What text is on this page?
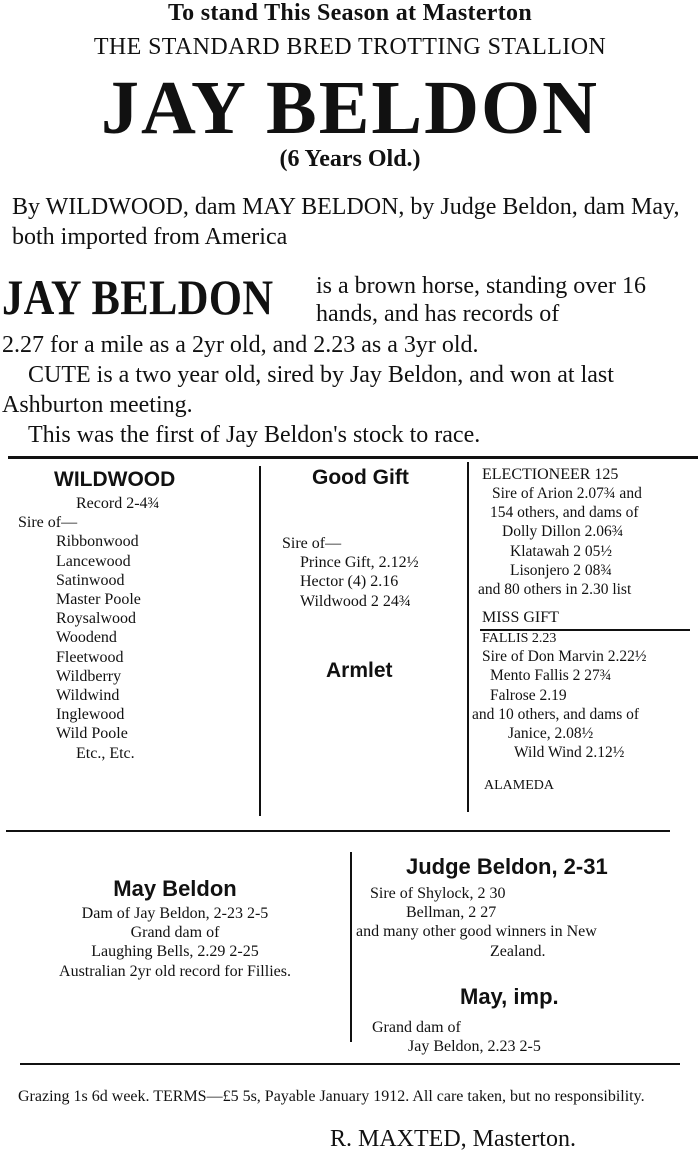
To stand This Season at Masterton
THE STANDARD BRED TROTTING STALLION
JAY BELDON
(6 Years Old.)
By WILDWOOD, dam MAY BELDON, by Judge Beldon, dam May, both imported from America
JAY BELDON is a brown horse, standing over 16 hands, and has records of
2.27 for a mile as a 2yr old, and 2.23 as a 3yr old.
CUTE is a two year old, sired by Jay Beldon, and won at last Ashburton meeting.
This was the first of Jay Beldon's stock to race.
WILDWOOD
Record 2-4¾
Sire of—
Ribbonwood
Lancewood
Satinwood
Master Poole
Roysalwood
Woodend
Fleetwood
Wildberry
Wildwind
Inglewood
Wild Poole
Etc., Etc.
Good Gift
Sire of—
Prince Gift, 2.12½
Hector (4) 2.16
Wildwood 2 24¾
Armlet
ELECTIONEER 125
Sire of Arion 2.07¾ and
154 others, and dams of
Dolly Dillon 2.06¾
Klatawah 2 05½
Lisonjero 2 08¾
and 80 others in 2.30 list
MISS GIFT
FALLIS 2.23
Sire of Don Marvin 2.22½
Mento Fallis 2 27¾
Falrose 2.19
and 10 others, and dams of
Janice, 2.08½
Wild Wind 2.12½
ALAMEDA
May Beldon
Dam of Jay Beldon, 2-23 2-5
Grand dam of
Laughing Bells, 2.29 2-25
Australian 2yr old record for Fillies.
Judge Beldon, 2-31
Sire of Shylock, 2 30
Bellman, 2 27
and many other good winners in New
Zealand.
May, imp.
Grand dam of
Jay Beldon, 2.23 2-5
Grazing 1s 6d week. TERMS—£5 5s, Payable January 1912. All care taken, but no responsibility.
R. MAXTED, Masterton.
